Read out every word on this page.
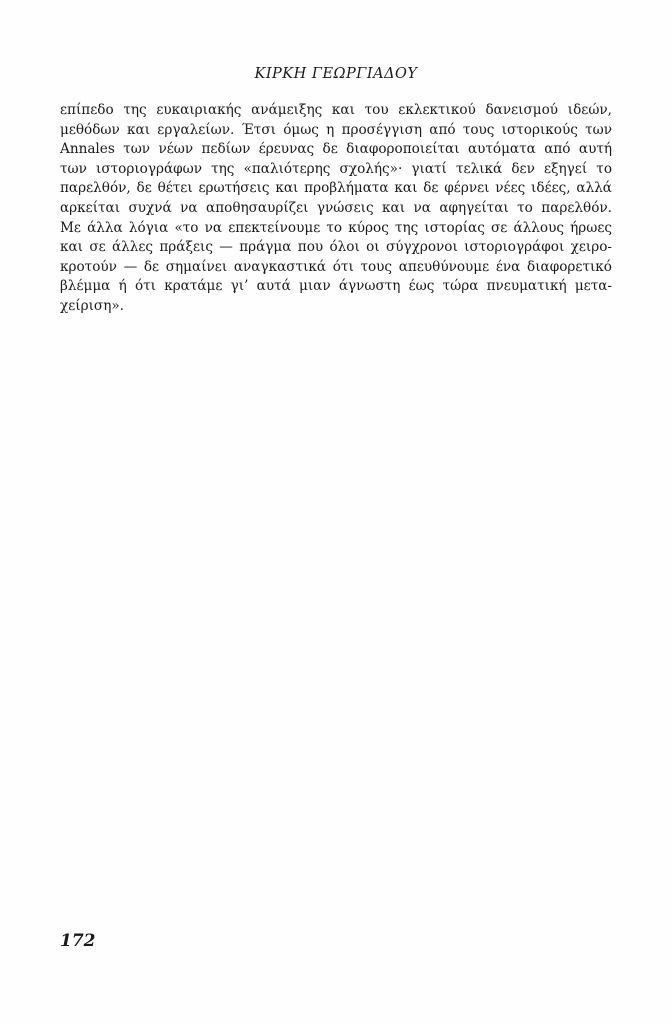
ΚΙΡΚΗ ΓΕΩΡΓΙΑΔΟΥ
επίπεδο της ευκαιριακής ανάμειξης και του εκλεκτικού δανεισμού ιδεών,
μεθόδων και εργαλείων. Έτσι όμως η προσέγγιση από τους ιστορικούς των
Annales των νέων πεδίων έρευνας δε διαφοροποιείται αυτόματα από αυτή
των ιστοριογράφων της «παλιότερης σχολής»· γιατί τελικά δεν εξηγεί το
παρελθόν, δε θέτει ερωτήσεις και προβλήματα και δε φέρνει νέες ιδέες, αλλά
αρκείται συχνά να αποθησαυρίζει γνώσεις και να αφηγείται το παρελθόν.
Με άλλα λόγια «το να επεκτείνουμε το κύρος της ιστορίας σε άλλους ήρωες
και σε άλλες πράξεις — πράγμα που όλοι οι σύγχρονοι ιστοριογράφοι χειρο-
κροτούν — δε σημαίνει αναγκαστικά ότι τους απευθύνουμε ένα διαφορετικό
βλέμμα ή ότι κρατάμε γι’ αυτά μιαν άγνωστη έως τώρα πνευματική μετα-
χείριση».
172
